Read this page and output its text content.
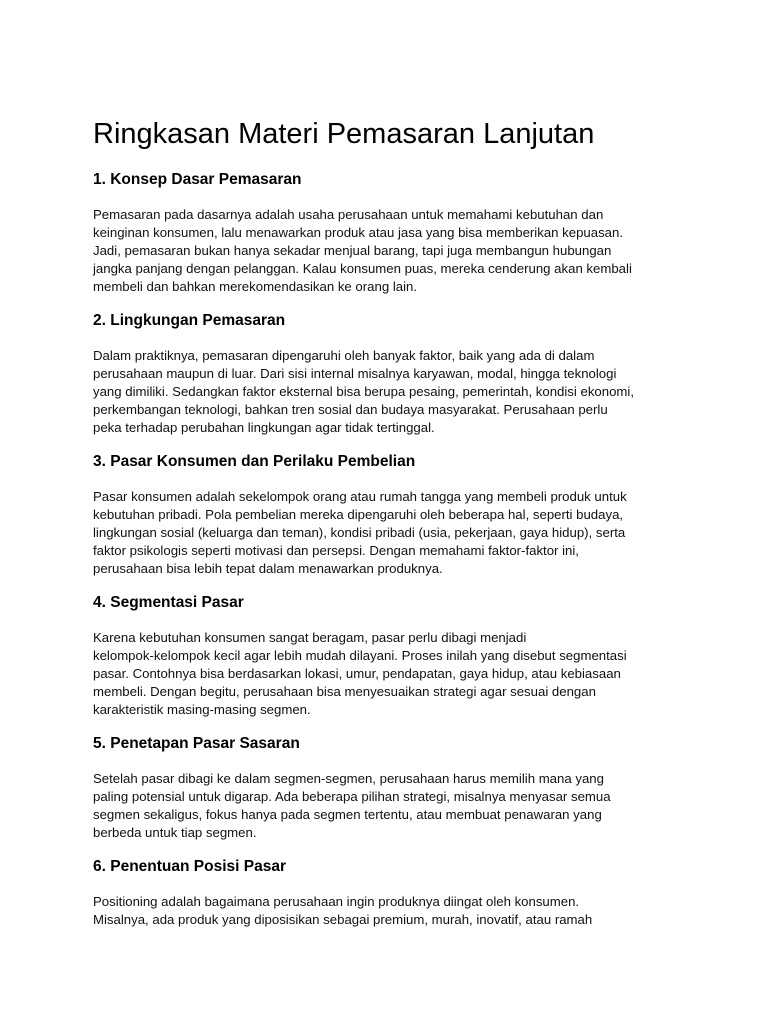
Ringkasan Materi Pemasaran Lanjutan
1. Konsep Dasar Pemasaran

Pemasaran pada dasarnya adalah usaha perusahaan untuk memahami kebutuhan dan
keinginan konsumen, lalu menawarkan produk atau jasa yang bisa memberikan kepuasan.
Jadi, pemasaran bukan hanya sekadar menjual barang, tapi juga membangun hubungan
jangka panjang dengan pelanggan. Kalau konsumen puas, mereka cenderung akan kembali
membeli dan bahkan merekomendasikan ke orang lain.

2. Lingkungan Pemasaran

Dalam praktiknya, pemasaran dipengaruhi oleh banyak faktor, baik yang ada di dalam
perusahaan maupun di luar. Dari sisi internal misalnya karyawan, modal, hingga teknologi
yang dimiliki. Sedangkan faktor eksternal bisa berupa pesaing, pemerintah, kondisi ekonomi,
perkembangan teknologi, bahkan tren sosial dan budaya masyarakat. Perusahaan perlu
peka terhadap perubahan lingkungan agar tidak tertinggal.

3. Pasar Konsumen dan Perilaku Pembelian

Pasar konsumen adalah sekelompok orang atau rumah tangga yang membeli produk untuk
kebutuhan pribadi. Pola pembelian mereka dipengaruhi oleh beberapa hal, seperti budaya,
lingkungan sosial (keluarga dan teman), kondisi pribadi (usia, pekerjaan, gaya hidup), serta
faktor psikologis seperti motivasi dan persepsi. Dengan memahami faktor-faktor ini,
perusahaan bisa lebih tepat dalam menawarkan produknya.

4. Segmentasi Pasar

Karena kebutuhan konsumen sangat beragam, pasar perlu dibagi menjadi
kelompok-kelompok kecil agar lebih mudah dilayani. Proses inilah yang disebut segmentasi
pasar. Contohnya bisa berdasarkan lokasi, umur, pendapatan, gaya hidup, atau kebiasaan
membeli. Dengan begitu, perusahaan bisa menyesuaikan strategi agar sesuai dengan
karakteristik masing-masing segmen.

5. Penetapan Pasar Sasaran

Setelah pasar dibagi ke dalam segmen-segmen, perusahaan harus memilih mana yang
paling potensial untuk digarap. Ada beberapa pilihan strategi, misalnya menyasar semua
segmen sekaligus, fokus hanya pada segmen tertentu, atau membuat penawaran yang
berbeda untuk tiap segmen.

6. Penentuan Posisi Pasar

Positioning adalah bagaimana perusahaan ingin produknya diingat oleh konsumen.
Misalnya, ada produk yang diposisikan sebagai premium, murah, inovatif, atau ramah
